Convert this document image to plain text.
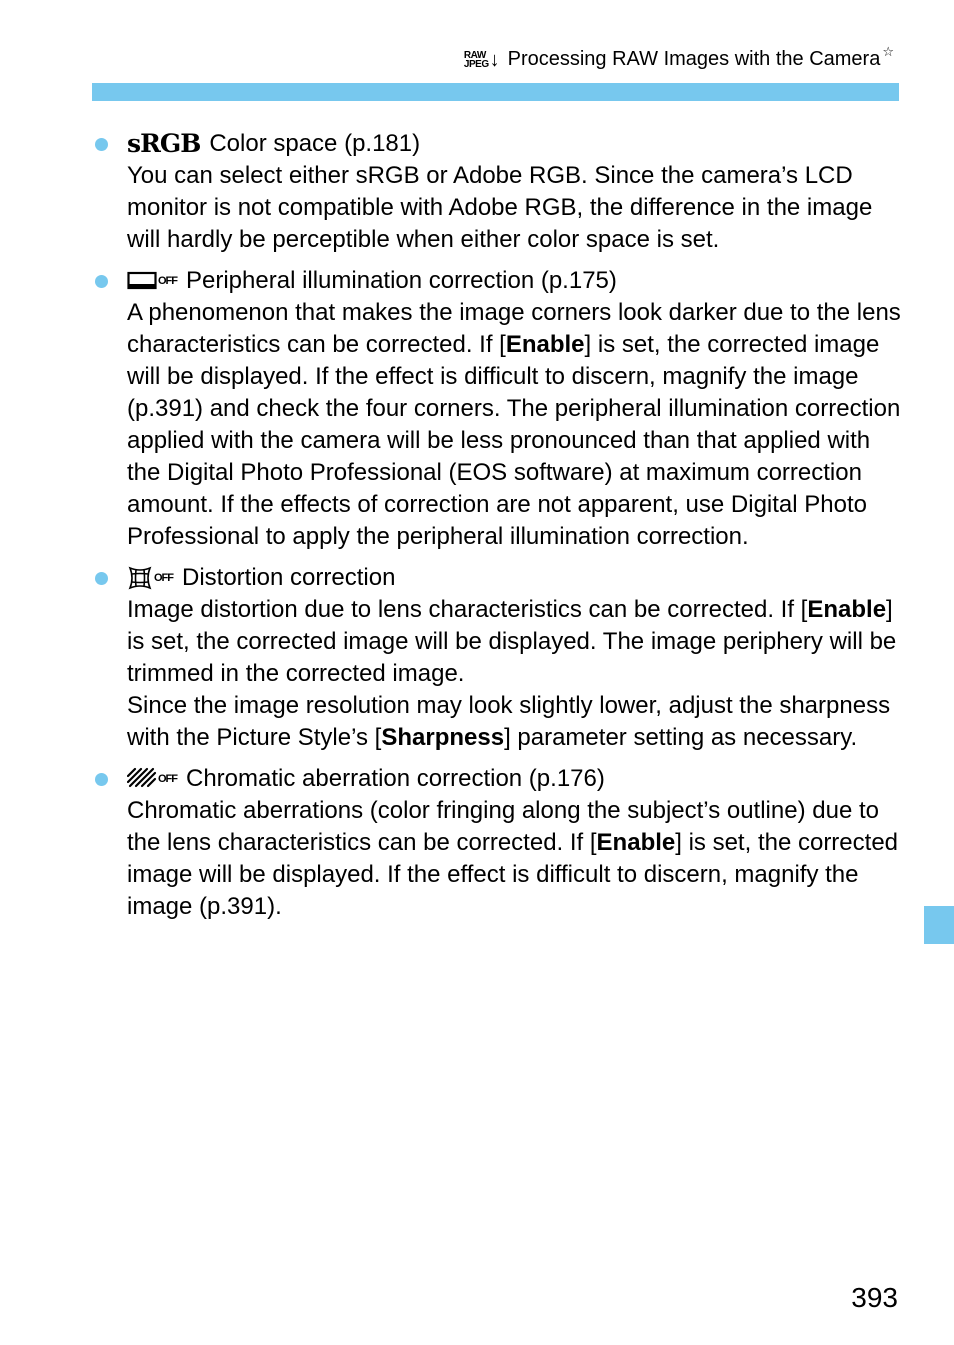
RAW
JPEG ↓ Processing RAW Images with the Camera ☆
sRGB Color space (p.181)

You can select either sRGB or Adobe RGB. Since the camera’s LCD monitor is not compatible with Adobe RGB, the difference in the image will hardly be perceptible when either color space is set.

OFF Peripheral illumination correction (p.175)

A phenomenon that makes the image corners look darker due to the lens characteristics can be corrected. If [Enable] is set, the corrected image will be displayed. If the effect is difficult to discern, magnify the image (p.391) and check the four corners. The peripheral illumination correction applied with the camera will be less pronounced than that applied with the Digital Photo Professional (EOS software) at maximum correction amount. If the effects of correction are not apparent, use Digital Photo Professional to apply the peripheral illumination correction.

OFF Distortion correction

Image distortion due to lens characteristics can be corrected. If [Enable] is set, the corrected image will be displayed. The image periphery will be trimmed in the corrected image.

Since the image resolution may look slightly lower, adjust the sharpness with the Picture Style’s [Sharpness] parameter setting as necessary.

OFF Chromatic aberration correction (p.176)

Chromatic aberrations (color fringing along the subject’s outline) due to the lens characteristics can be corrected. If [Enable] is set, the corrected image will be displayed. If the effect is difficult to discern, magnify the image (p.391).

393
